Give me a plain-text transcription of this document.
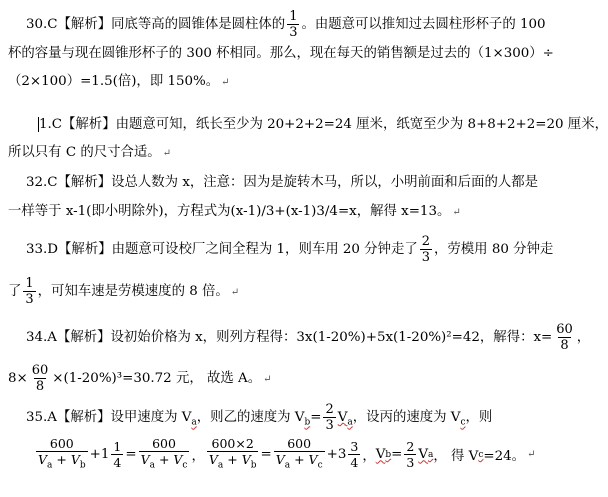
30.C【解析】同底等高的圆锥体是圆柱体的 $\frac{1}{3}$ 。由题意可以推知过去圆柱形杯子的 100
杯的容量与现在圆锥形杯子的 300 杯相同。那么，现在每天的销售额是过去的（1×300）÷
（2×100）=1.5(倍)，即 150%。 ↵
1.C【解析】由题意可知，纸长至少为 20+2+2=24 厘米，纸宽至少为 8+8+2+2=20 厘米，
所以只有 C 的尺寸合适。 ↵
32.C【解析】设总人数为 x，注意：因为是旋转木马，所以，小明前面和后面的人都是
一样等于 x-1(即小明除外)，方程式为(x-1)/3+(x-1)3/4=x，解得 x=13。 ↵
33.D【解析】由题意可设校厂之间全程为 1，则车用 20 分钟走了 $\frac{2}{3}$ ，劳模用 80 分钟走
了 $\frac{1}{3}$ ，可知车速是劳模速度的 8 倍。 ↵
34.A【解析】设初始价格为 x，则列方程得：3x(1-20%)+5x(1-20%)²=42，解得：$x= \frac{60}{8}$ ，
$8\times \frac{60}{8} \times(1-20\%)^3=30.72$ 元， 故选 A。 ↵
35.A【解析】设甲速度为 $V_a$，则乙的速度为 $V_b= \frac{2}{3} V_a$，设丙的速度为 $V_c$，则
$\frac{600}{V_a + V_b} +1 \frac{1}{4} = \frac{600}{V_a + V_c}$ ， $\frac{600\times 2}{V_a + V_b} = \frac{600}{V_a + V_c} +3 \frac{3}{4}$ ， V $b = \frac{2}{3}$ V a ， 得 V c =24。 ↵
